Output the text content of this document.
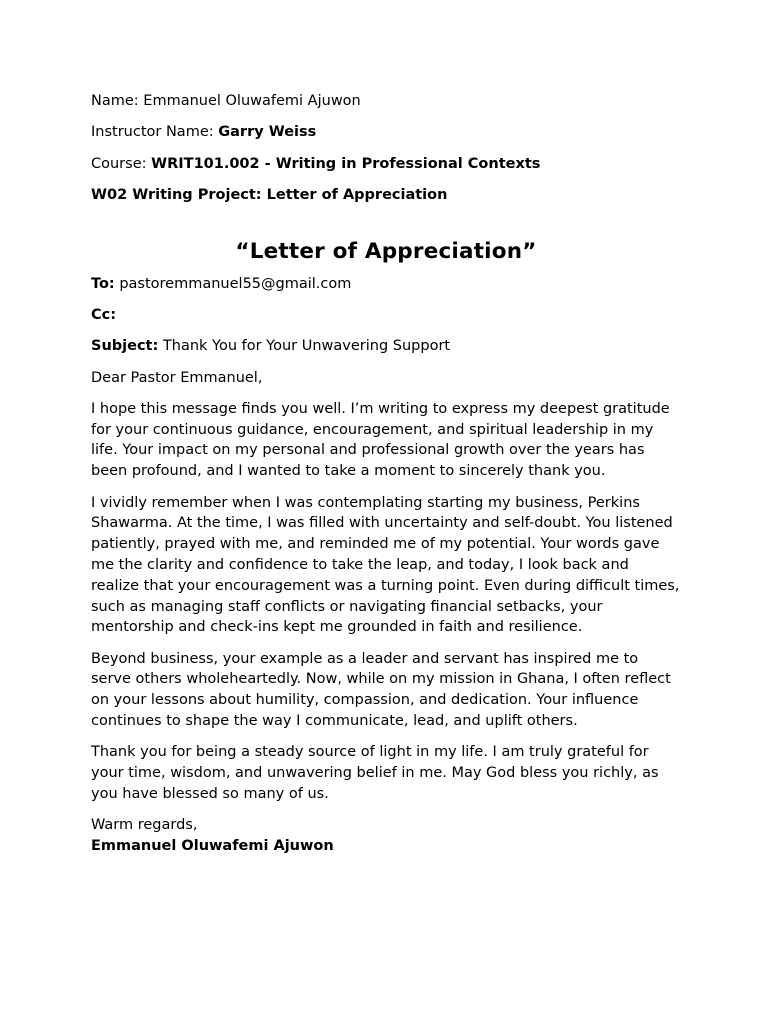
Name: Emmanuel Oluwafemi Ajuwon
Instructor Name: Garry Weiss
Course: WRIT101.002 - Writing in Professional Contexts
W02 Writing Project: Letter of Appreciation
“Letter of Appreciation”
To: pastoremmanuel55@gmail.com
Cc:
Subject: Thank You for Your Unwavering Support
Dear Pastor Emmanuel,

I hope this message finds you well. I’m writing to express my deepest gratitude for your continuous guidance, encouragement, and spiritual leadership in my life. Your impact on my personal and professional growth over the years has been profound, and I wanted to take a moment to sincerely thank you.

I vividly remember when I was contemplating starting my business, Perkins Shawarma. At the time, I was filled with uncertainty and self-doubt. You listened patiently, prayed with me, and reminded me of my potential. Your words gave me the clarity and confidence to take the leap, and today, I look back and realize that your encouragement was a turning point. Even during difficult times, such as managing staff conflicts or navigating financial setbacks, your mentorship and check-ins kept me grounded in faith and resilience.

Beyond business, your example as a leader and servant has inspired me to serve others wholeheartedly. Now, while on my mission in Ghana, I often reflect on your lessons about humility, compassion, and dedication. Your influence continues to shape the way I communicate, lead, and uplift others.

Thank you for being a steady source of light in my life. I am truly grateful for your time, wisdom, and unwavering belief in me. May God bless you richly, as you have blessed so many of us.

Warm regards,
Emmanuel Oluwafemi Ajuwon
